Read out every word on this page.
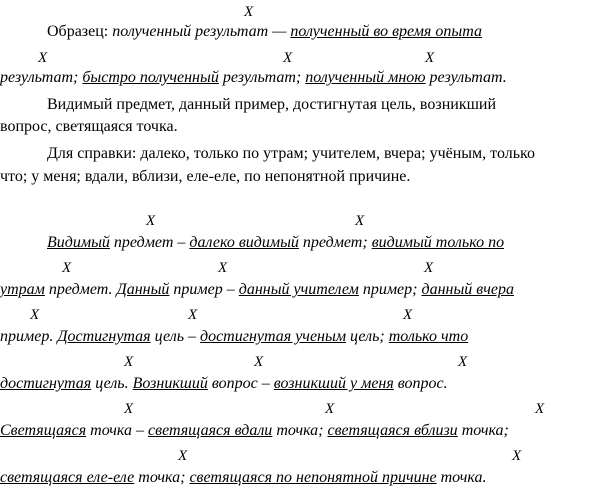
X
Образец: полученный результат — полученный во время опыта
X	X	X
результат; быстро полученный результат; полученный мною результат.
Видимый предмет, данный пример, достигнутая цель, возникший
вопрос, светящаяся точка.
Для справки: далеко, только по утрам; учителем, вчера; учёным, только
что; у меня; вдали, вблизи, еле-еле, по непонятной причине.
X	X
Видимый предмет – далеко видимый предмет; видимый только по
X	X	X
утрам предмет. Данный пример – данный учителем пример; данный вчера
X	X	X
пример. Достигнутая цель – достигнутая ученым цель; только что
X	X	X
достигнутая цель. Возникший вопрос – возникший у меня вопрос.
X	X	X
Светящаяся точка – светящаяся вдали точка; светящаяся вблизи точка;
X	X
светящаяся еле-еле точка; светящаяся по непонятной причине точка.
